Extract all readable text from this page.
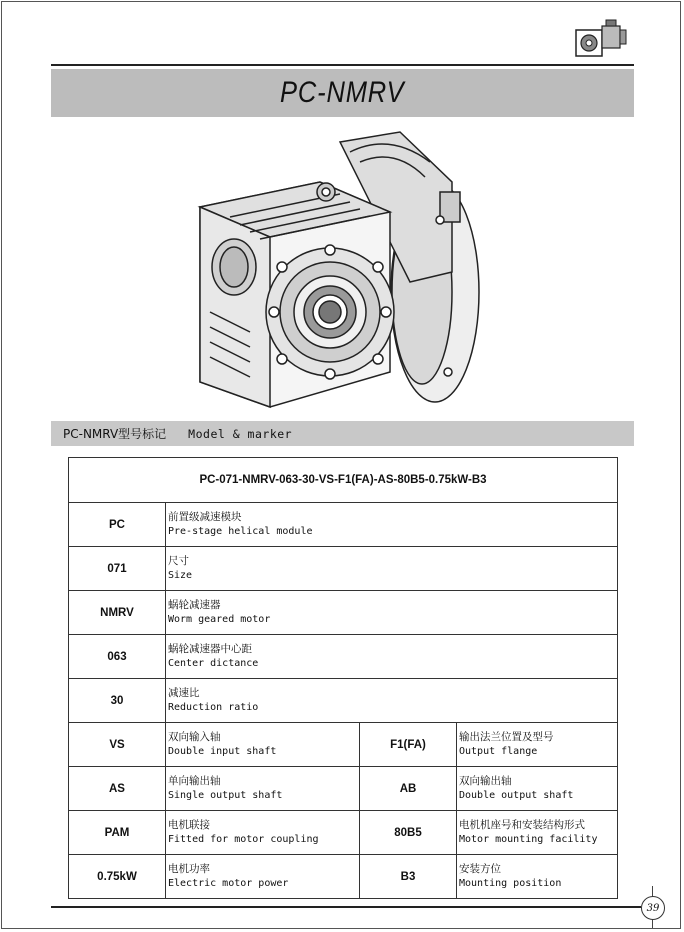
PC-NMRV
PC-NMRV型号标记 Model & marker
PC-071-NMRV-063-30-VS-F1(FA)-AS-80B5-0.75kW-B3			
PC	前置级减速模块
Pre-stage helical module		

071	尺寸
Size		

NMRV	蜗轮减速器
Worm geared motor		

063	蜗轮减速器中心距
Center dictance		

30	减速比
Reduction ratio		

VS	双向输入轴
Double input shaft	F1(FA)	输出法兰位置及型号
Output flange

AS	单向输出轴
Single output shaft	AB	双向输出轴
Double output shaft

PAM	电机联接
Fitted for motor coupling	80B5	电机机座号和安装结构形式
Motor mounting facility

0.75kW	电机功率
Electric motor power	B3	安装方位
Mounting position
39
